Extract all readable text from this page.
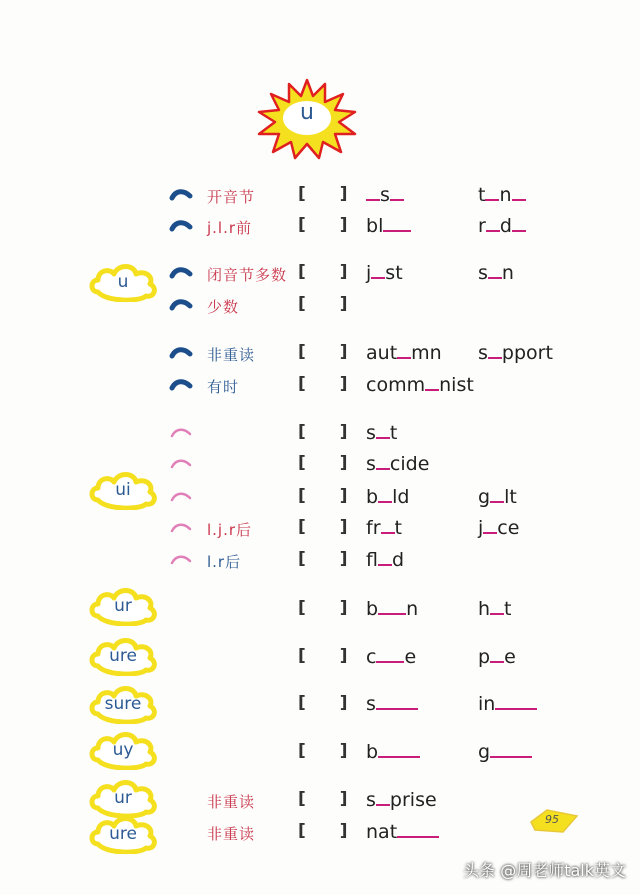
u
u
开音节	[ ] s	t n
j.l.r前	[ ] bl	r d
闭音节多数 [ ] j st	s n
少数	[ ]
非重读	[ ] aut mn s pport
有时	[ ] comm nist
ui
[ ] s t
[ ] s cide
[ ] b ld	g lt
l.j.r后	[ ] fr t	j ce
l.r后	[ ] f d
ur	[ ] b n	h t
ure	[ ] c e	p e
sure	[ ] s	in
uy	[ ] b	g
ur	非重读	[ ] s prise
ure	非重读	[ ] nat
95
头条 @周老师talk英文
